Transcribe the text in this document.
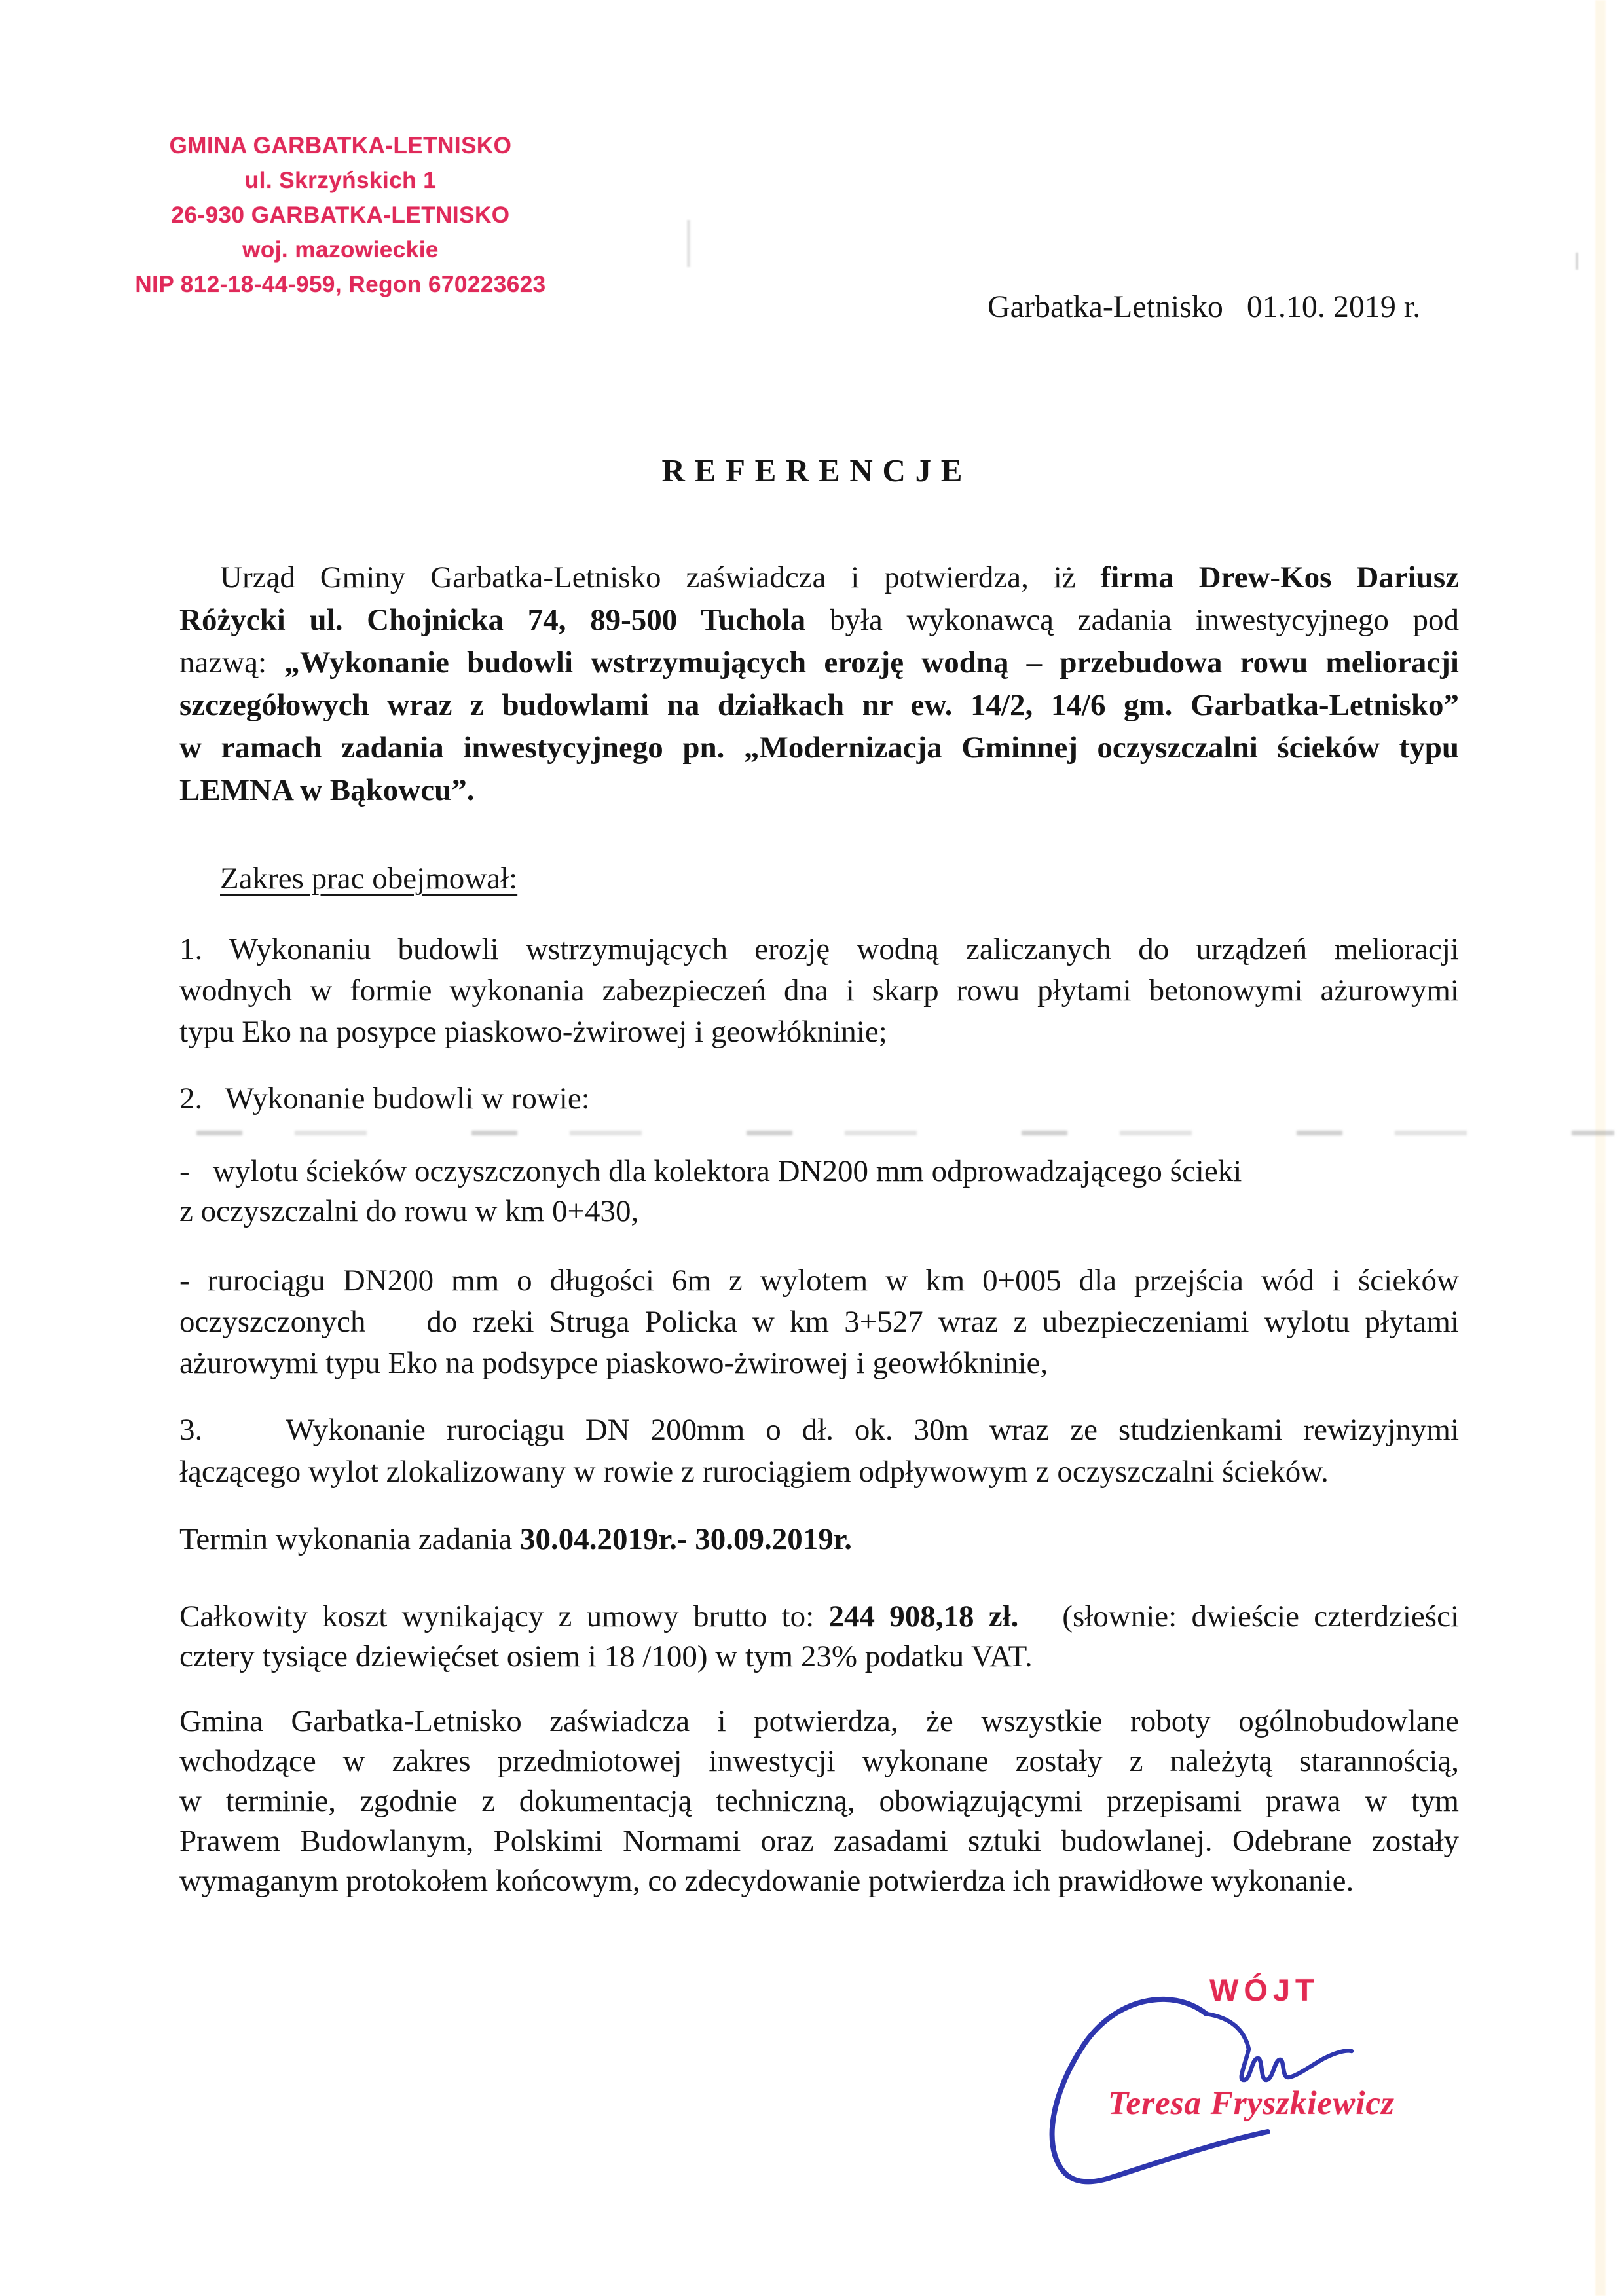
GMINA GARBATKA-LETNISKO
ul. Skrzyńskich 1
26-930 GARBATKA-LETNISKO
woj. mazowieckie
NIP 812-18-44-959, Regon 670223623
Garbatka-Letnisko   01.10. 2019 r.
REFERENCJE
Urząd Gminy Garbatka-Letnisko zaświadcza i potwierdza, iż firma Drew-Kos Dariusz
Różycki ul. Chojnicka 74, 89-500 Tuchola była wykonawcą zadania inwestycyjnego pod
nazwą: „Wykonanie budowli wstrzymujących erozję wodną – przebudowa rowu melioracji
szczegółowych wraz z budowlami na działkach nr ew. 14/2, 14/6 gm. Garbatka-Letnisko”
w ramach zadania inwestycyjnego pn. „Modernizacja Gminnej oczyszczalni ścieków typu
LEMNA w Bąkowcu”.
Zakres prac obejmował:
1. Wykonaniu budowli wstrzymujących erozję wodną zaliczanych do urządzeń melioracji
wodnych w formie wykonania zabezpieczeń dna i skarp rowu płytami betonowymi ażurowymi
typu Eko na posypce piaskowo-żwirowej i geowłókninie;
2.   Wykonanie budowli w rowie:
-   wylotu ścieków oczyszczonych dla kolektora DN200 mm odprowadzającego ścieki
z oczyszczalni do rowu w km 0+430,
- rurociągu DN200 mm o długości 6m z wylotem w km 0+005 dla przejścia wód i ścieków
oczyszczonych    do rzeki Struga Policka w km 3+527 wraz z ubezpieczeniami wylotu płytami
ażurowymi typu Eko na podsypce piaskowo-żwirowej i geowłókninie,
3.    Wykonanie rurociągu DN 200mm o dł. ok. 30m wraz ze studzienkami rewizyjnymi
łączącego wylot zlokalizowany w rowie z rurociągiem odpływowym z oczyszczalni ścieków.
Termin wykonania zadania 30.04.2019r.- 30.09.2019r.
Całkowity koszt wynikający z umowy brutto to: 244 908,18 zł.   (słownie: dwieście czterdzieści
cztery tysiące dziewięćset osiem i 18 /100) w tym 23% podatku VAT.
Gmina Garbatka-Letnisko zaświadcza i potwierdza, że wszystkie roboty ogólnobudowlane
wchodzące w zakres przedmiotowej inwestycji wykonane zostały z należytą starannością,
w terminie, zgodnie z dokumentacją techniczną, obowiązującymi przepisami prawa w tym
Prawem Budowlanym, Polskimi Normami oraz zasadami sztuki budowlanej. Odebrane zostały
wymaganym protokołem końcowym, co zdecydowanie potwierdza ich prawidłowe wykonanie.
WÓJT
Teresa Fryszkiewicz
